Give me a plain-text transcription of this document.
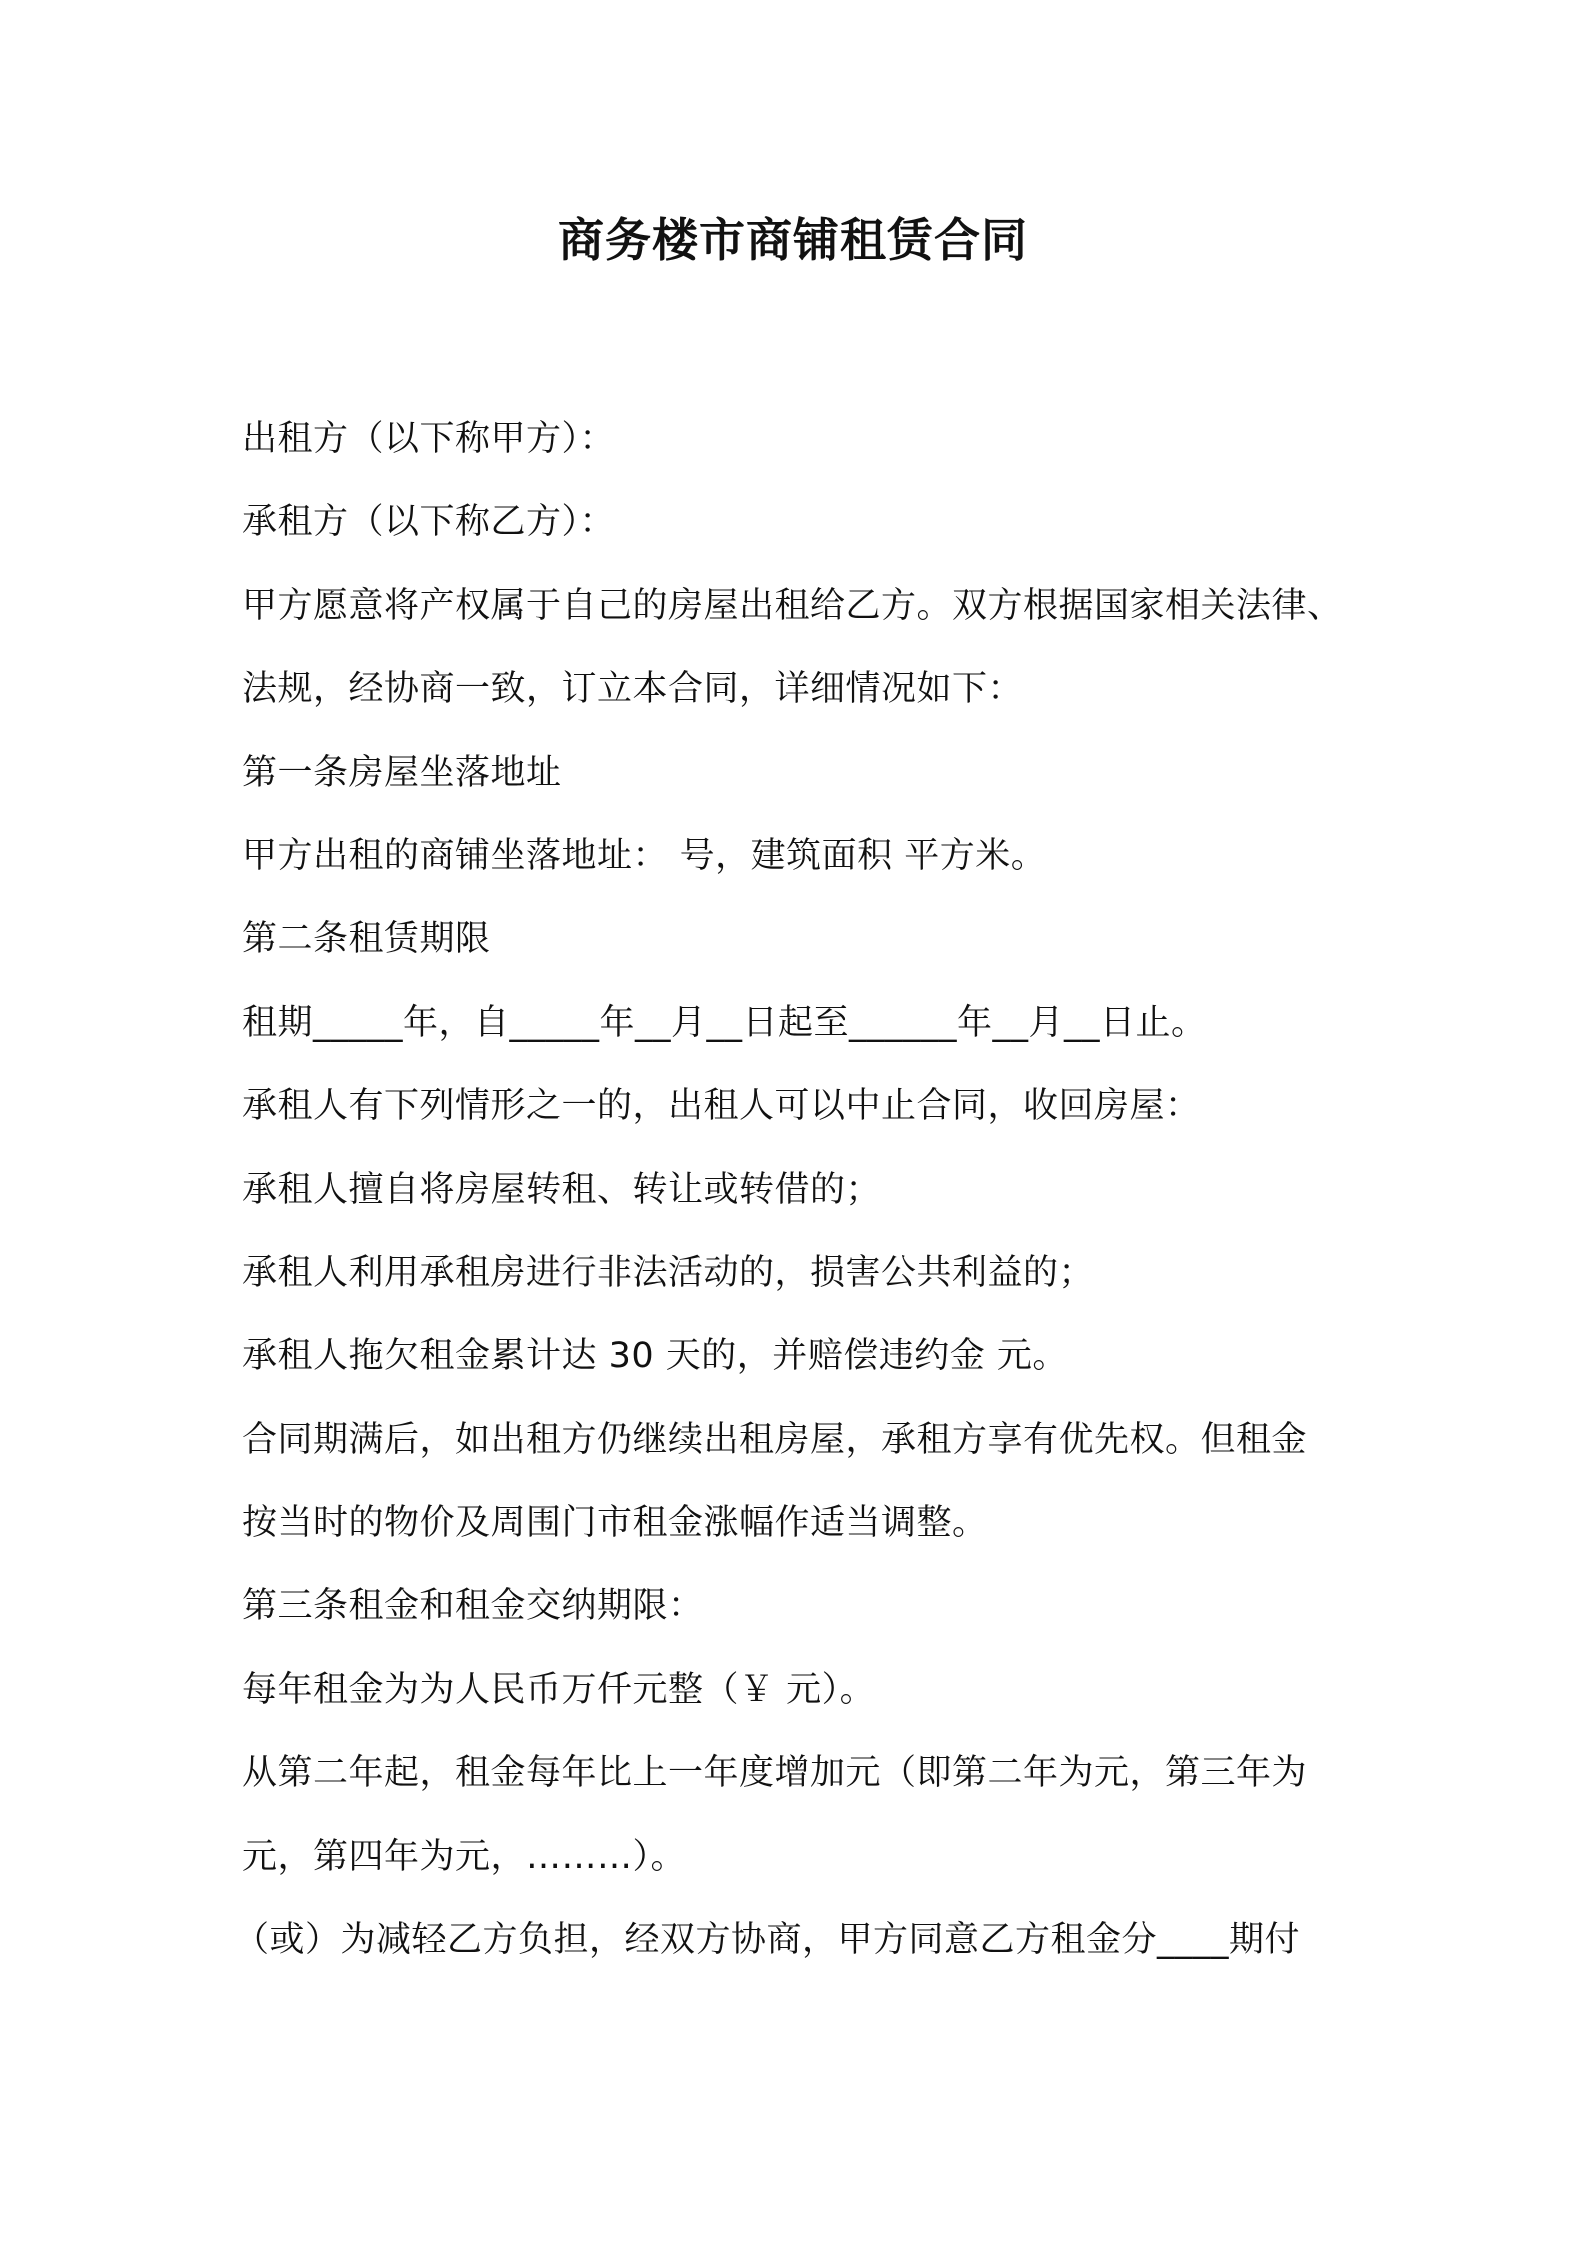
商务楼市商铺租赁合同
出租方（以下称甲方）：
承租方（以下称乙方）：
甲方愿意将产权属于自己的房屋出租给乙方。双方根据国家相关法律、
法规，经协商一致，订立本合同，详细情况如下：
第一条房屋坐落地址
甲方出租的商铺坐落地址： 号，建筑面积 平方米。
第二条租赁期限
租期_____年，自_____年__月__日起至______年__月__日止。
承租人有下列情形之一的，出租人可以中止合同，收回房屋：
承租人擅自将房屋转租、转让或转借的；
承租人利用承租房进行非法活动的，损害公共利益的；
承租人拖欠租金累计达 30 天的，并赔偿违约金 元。
合同期满后，如出租方仍继续出租房屋，承租方享有优先权。但租金
按当时的物价及周围门市租金涨幅作适当调整。
第三条租金和租金交纳期限：
每年租金为为人民币万仟元整（￥ 元）。
从第二年起，租金每年比上一年度增加元（即第二年为元，第三年为
元，第四年为元，………）。
（或）为减轻乙方负担，经双方协商，甲方同意乙方租金分____期付
